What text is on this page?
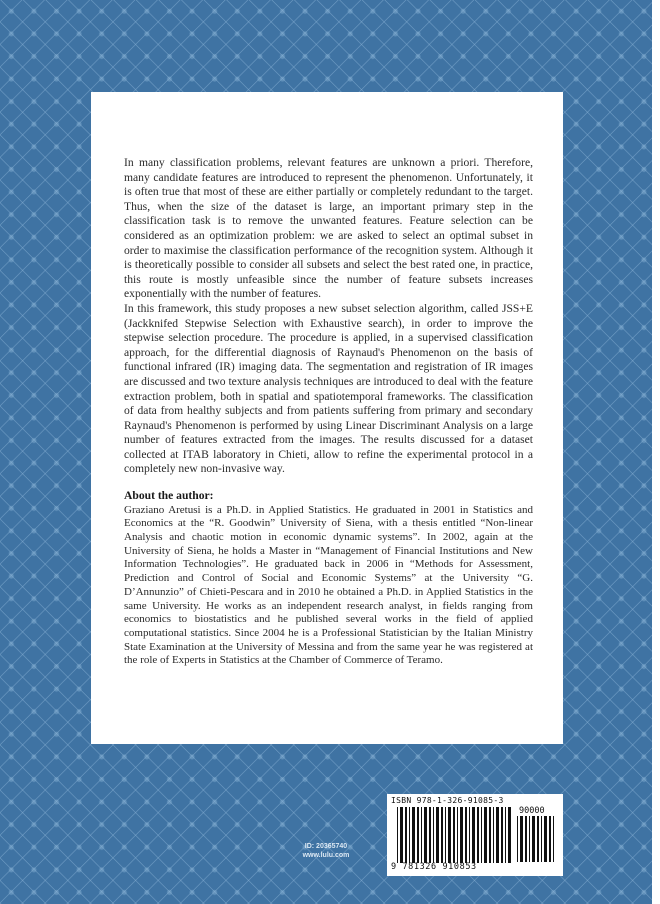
In many classification problems, relevant features are unknown a priori. Therefore, many candidate features are introduced to represent the phenomenon. Unfortunately, it is often true that most of these are either partially or completely redundant to the target. Thus, when the size of the dataset is large, an important primary step in the classification task is to remove the unwanted features. Feature selection can be considered as an optimization problem: we are asked to select an optimal subset in order to maximise the classification performance of the recognition system. Although it is theoretically possible to consider all subsets and select the best rated one, in practice, this route is mostly unfeasible since the number of feature subsets increases exponentially with the number of features.

In this framework, this study proposes a new subset selection algorithm, called JSS+E (Jackknifed Stepwise Selection with Exhaustive search), in order to improve the stepwise selection procedure. The procedure is applied, in a supervised classification approach, for the differential diagnosis of Raynaud's Phenomenon on the basis of functional infrared (IR) imaging data. The segmentation and registration of IR images are discussed and two texture analysis techniques are introduced to deal with the feature extraction problem, both in spatial and spatiotemporal frameworks. The classification of data from healthy subjects and from patients suffering from primary and secondary Raynaud's Phenomenon is performed by using Linear Discriminant Analysis on a large number of features extracted from the images. The results discussed for a dataset collected at ITAB laboratory in Chieti, allow to refine the experimental protocol in a completely new non-invasive way.

About the author:

Graziano Aretusi is a Ph.D. in Applied Statistics. He graduated in 2001 in Statistics and Economics at the “R. Goodwin” University of Siena, with a thesis entitled “Non-linear Analysis and chaotic motion in economic dynamic systems”. In 2002, again at the University of Siena, he holds a Master in “Management of Financial Institutions and New Information Technologies”. He graduated back in 2006 in “Methods for Assessment, Prediction and Control of Social and Economic Systems” at the University “G. D’Annunzio” of Chieti-Pescara and in 2010 he obtained a Ph.D. in Applied Statistics in the same University. He works as an independent research analyst, in fields ranging from economics to biostatistics and he published several works in the field of applied computational statistics. Since 2004 he is a Professional Statistician by the Italian Ministry State Examination at the University of Messina and from the same year he was registered at the role of Experts in Statistics at the Chamber of Commerce of Teramo.

ID: 20365740
www.lulu.com
ISBN 978-1-326-91085-3
90000
9 781326 910853
